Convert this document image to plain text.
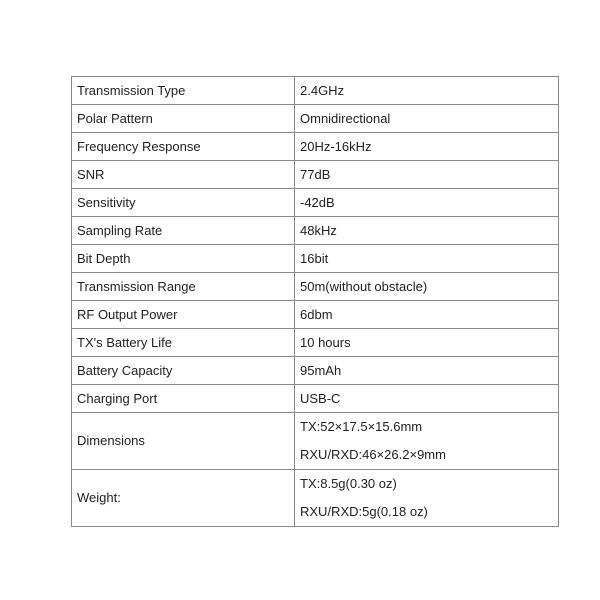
Transmission Type	2.4GHz
Polar Pattern	Omnidirectional
Frequency Response	20Hz-16kHz
SNR	77dB
Sensitivity	-42dB
Sampling Rate	48kHz
Bit Depth	16bit
Transmission Range	50m(without obstacle)
RF Output Power	6dbm
TX's Battery Life	10 hours
Battery Capacity	95mAh
Charging Port	USB-C
Dimensions	TX:52×17.5×15.6mm
RXU/RXD:46×26.2×9mm

Weight:	TX:8.5g(0.30 oz)
RXU/RXD:5g(0.18 oz)
